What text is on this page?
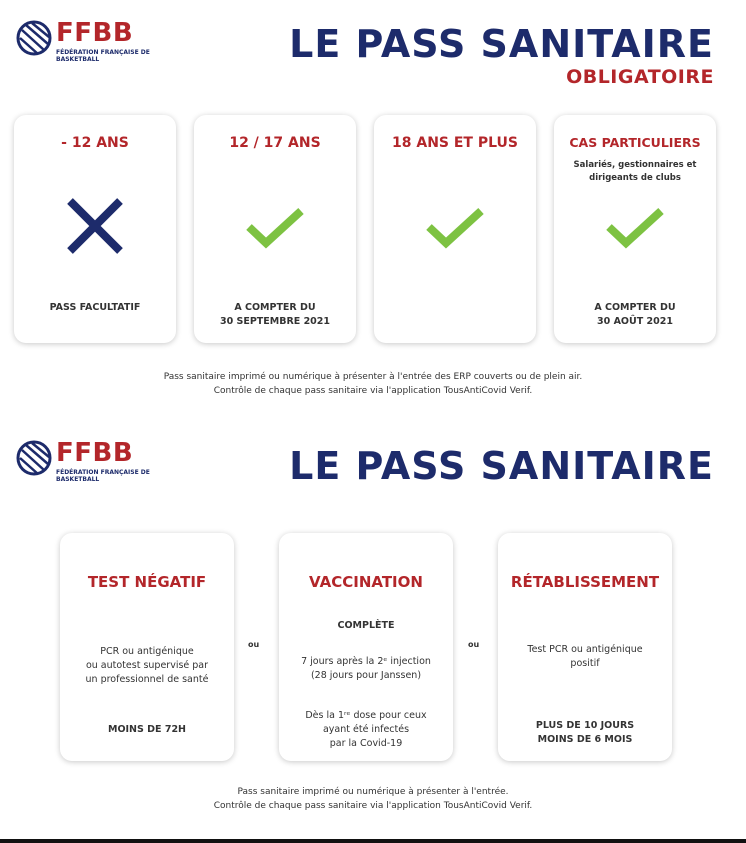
FFBB
FÉDÉRATION FRANÇAISE DE BASKETBALL	LE PASS SANITAIRE
OBLIGATOIRE
- 12 ANS
PASS FACULTATIF
12 / 17 ANS
A COMPTER DU
30 SEPTEMBRE 2021
18 ANS ET PLUS	CAS PARTICULIERS
Salariés, gestionnaires et
dirigeants de clubs
A COMPTER DU
30 AOÛT 2021
Pass sanitaire imprimé ou numérique à présenter à l'entrée des ERP couverts ou de plein air.
Contrôle de chaque pass sanitaire via l'application TousAntiCovid Verif.
FFBB
FÉDÉRATION FRANÇAISE DE BASKETBALL	LE PASS SANITAIRE
TEST NÉGATIF
PCR ou antigénique
ou autotest supervisé par
un professionnel de santé
MOINS DE 72H
ou
VACCINATION
COMPLÈTE
7 jours après la 2ᵉ injection
(28 jours pour Janssen)
Dès la 1ʳᵉ dose pour ceux
ayant été infectés
par la Covid-19
ou
RÉTABLISSEMENT
Test PCR ou antigénique
positif
PLUS DE 10 JOURS
MOINS DE 6 MOIS
Pass sanitaire imprimé ou numérique à présenter à l'entrée.
Contrôle de chaque pass sanitaire via l'application TousAntiCovid Verif.
